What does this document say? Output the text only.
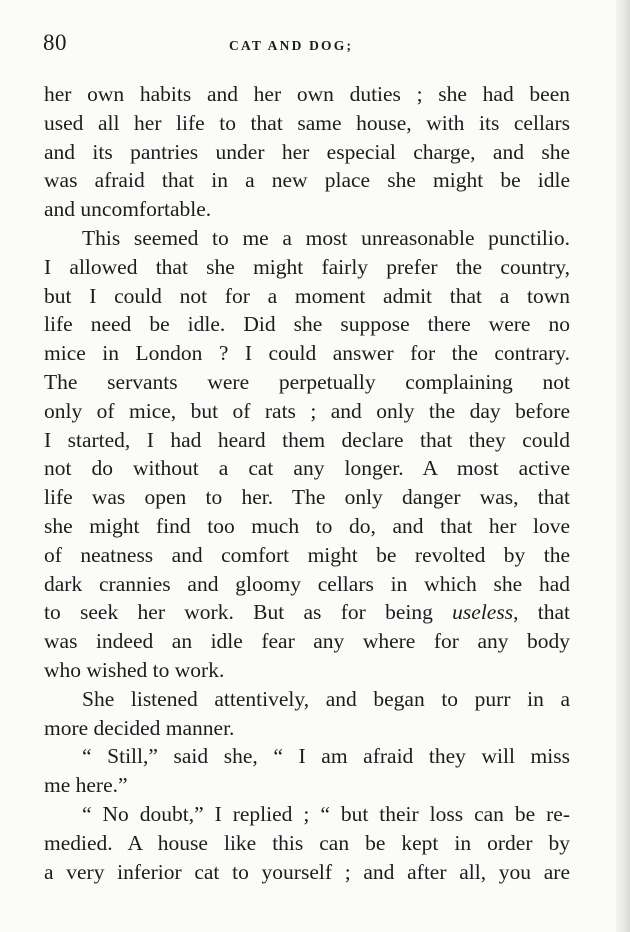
80	CAT AND DOG;
her own habits and her own duties ; she had been
used all her life to that same house, with its cellars
and its pantries under her especial charge, and she
was afraid that in a new place she might be idle
and uncomfortable.
This seemed to me a most unreasonable punctilio.
I allowed that she might fairly prefer the country,
but I could not for a moment admit that a town
life need be idle. Did she suppose there were no
mice in London ? I could answer for the contrary.
The servants were perpetually complaining not
only of mice, but of rats ; and only the day before
I started, I had heard them declare that they could
not do without a cat any longer. A most active
life was open to her. The only danger was, that
she might find too much to do, and that her love
of neatness and comfort might be revolted by the
dark crannies and gloomy cellars in which she had
to seek her work. But as for being useless, that
was indeed an idle fear any where for any body
who wished to work.
She listened attentively, and began to purr in a
more decided manner.
“ Still,” said she, “ I am afraid they will miss
me here.”
“ No doubt,” I replied ; “ but their loss can be re-
medied. A house like this can be kept in order by
a very inferior cat to yourself ; and after all, you are
